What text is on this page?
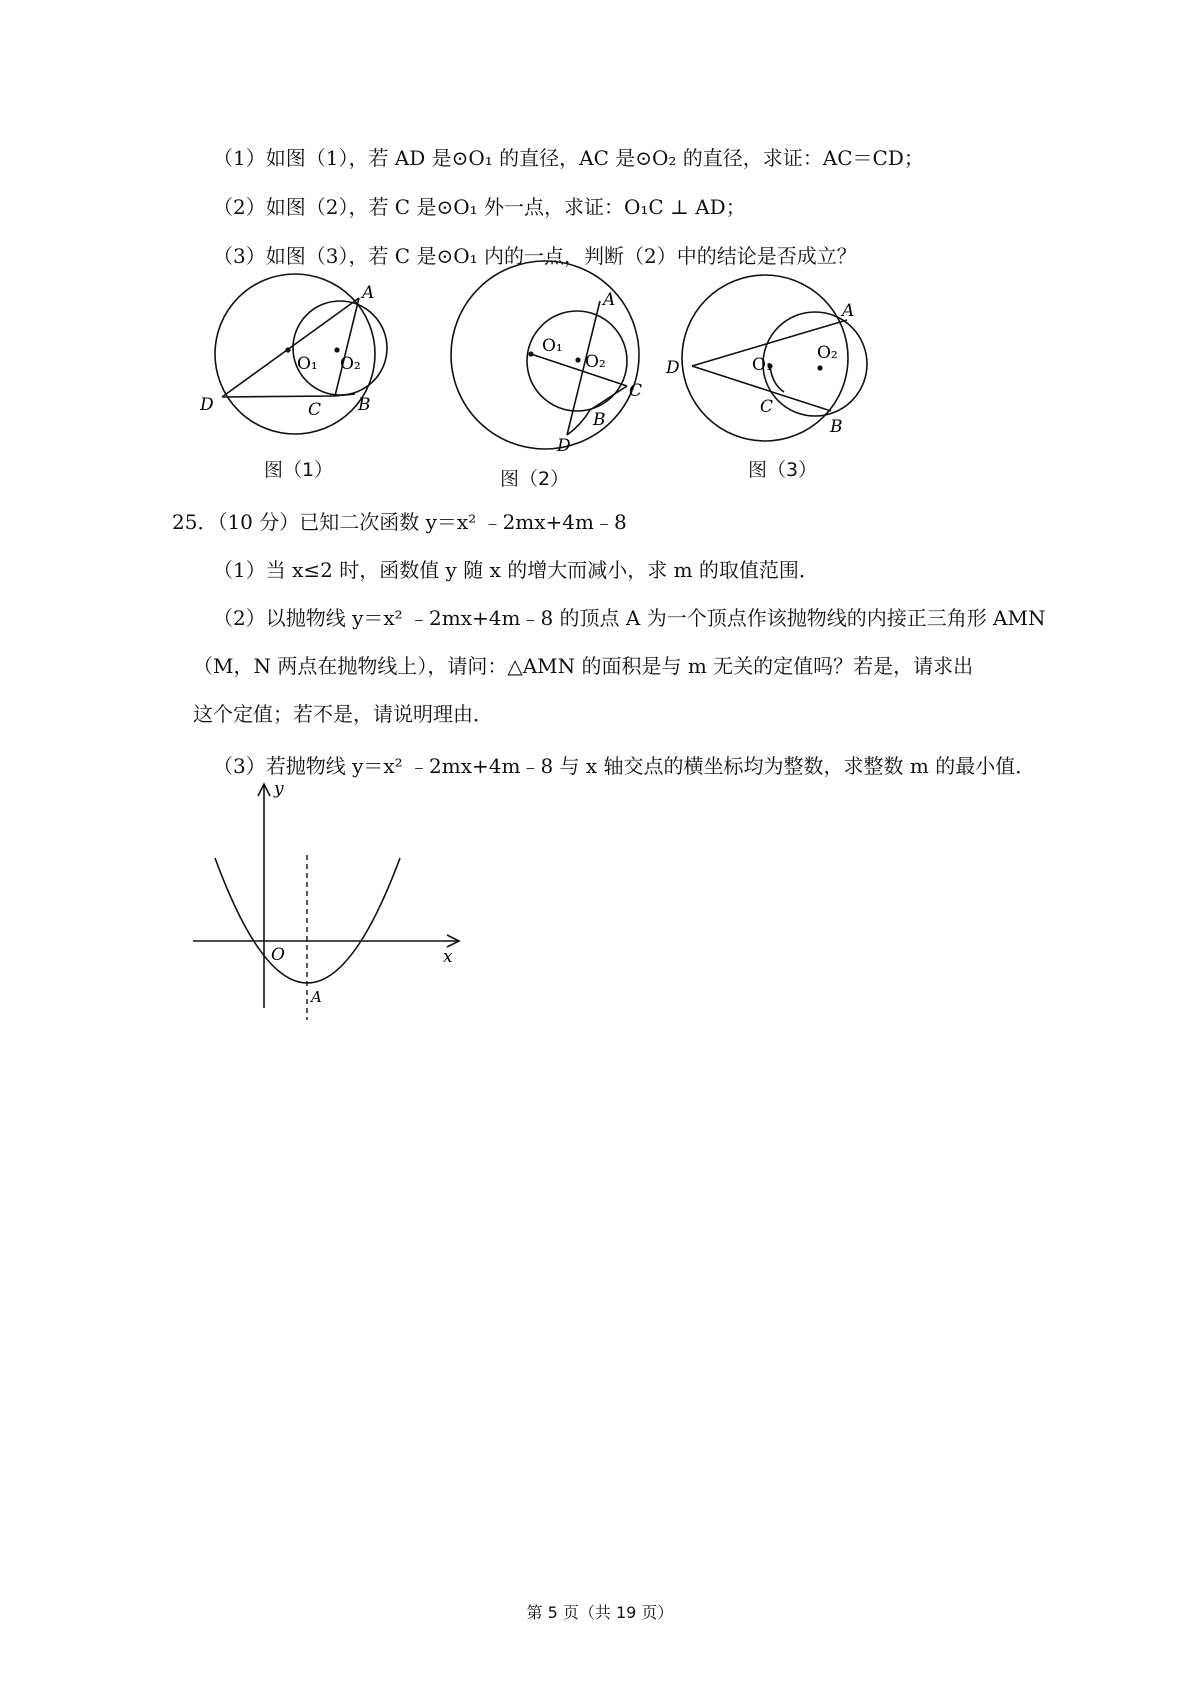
（1）如图（1），若 AD 是⊙O₁ 的直径，AC 是⊙O₂ 的直径，求证：AC＝CD；
（2）如图（2），若 C 是⊙O₁ 外一点，求证：O₁C ⊥ AD；
（3）如图（3），若 C 是⊙O₁ 内的一点，判断（2）中的结论是否成立？
A
D	C B
O₁ O₂
图（1）
A
O₁
O₂
C
B
D
图（2）
A
D	O₁
O₂
C
B
图（3）
25．（10 分）已知二次函数 y＝x² ﹣2mx+4m﹣8
（1）当 x≤2 时，函数值 y 随 x 的增大而减小，求 m 的取值范围．
（2）以抛物线 y＝x² ﹣2mx+4m﹣8 的顶点 A 为一个顶点作该抛物线的内接正三角形 AMN
（M，N 两点在抛物线上），请问：△AMN 的面积是与 m 无关的定值吗？若是，请求出
这个定值；若不是，请说明理由．
（3）若抛物线 y＝x² ﹣2mx+4m﹣8 与 x 轴交点的横坐标均为整数，求整数 m 的最小值．
y
x
O
A
第 5 页（共 19 页）
